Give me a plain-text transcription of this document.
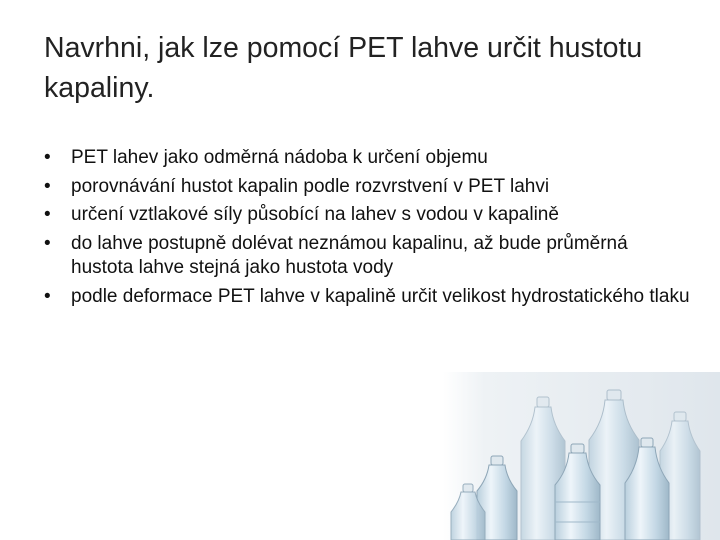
Navrhni, jak lze pomocí PET lahve určit hustotu kapaliny.
• PET lahev jako odměrná nádoba k určení objemu
• porovnávání hustot kapalin podle rozvrstvení v PET lahvi
• určení vztlakové síly působící na lahev s vodou v kapalině
• do lahve postupně dolévat neznámou kapalinu, až bude průměrná hustota lahve stejná jako hustota vody
• podle deformace PET lahve v kapalině určit velikost hydrostatického tlaku
